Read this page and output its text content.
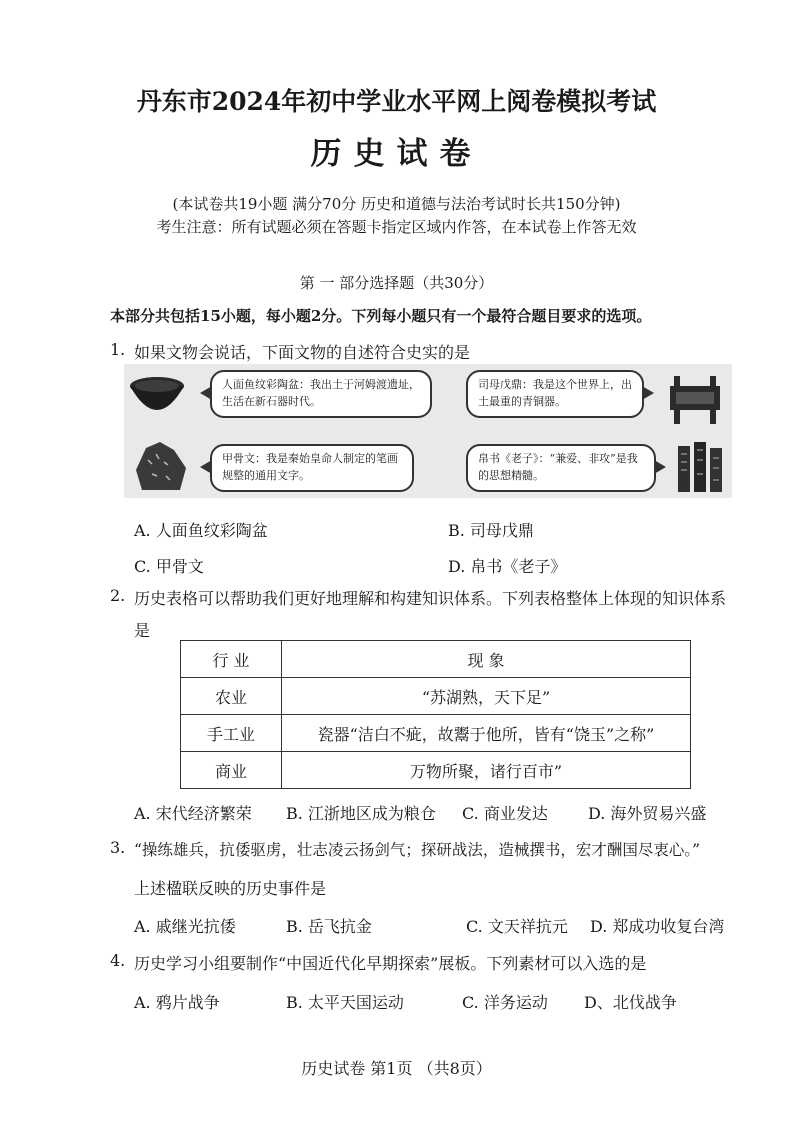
丹东市2024年初中学业水平网上阅卷模拟考试
历史试卷
(本试卷共19小题 满分70分 历史和道德与法治考试时长共150分钟)
考生注意：所有试题必须在答题卡指定区域内作答，在本试卷上作答无效
第 一 部分选择题（共30分）
本部分共包括15小题，每小题2分。下列每小题只有一个最符合题目要求的选项。
1. 如果文物会说话，下面文物的自述符合史实的是
人面鱼纹彩陶盆：我出土于河姆渡遗址，生活在新石器时代。
司母戊鼎：我是这个世界上，出土最重的青铜器。
甲骨文：我是秦始皇命人制定的笔画规整的通用文字。
帛书《老子》：“兼爱、非攻”是我的思想精髓。
A. 人面鱼纹彩陶盆	B. 司母戊鼎
C. 甲骨文	D. 帛书《老子》
2. 历史表格可以帮助我们更好地理解和构建知识体系。下列表格整体上体现的知识体系
是
行 业	现 象
农业	“苏湖熟，天下足”
手工业	瓷器“洁白不疵，故鬻于他所，皆有“饶玉”之称”
商业	万物所聚，诸行百市”
A. 宋代经济繁荣 B. 江浙地区成为粮仓 C. 商业发达	D. 海外贸易兴盛
3. “操练雄兵，抗倭驱虏，壮志凌云扬剑气；探研战法，造械撰书，宏才酬国尽衷心。”
上述楹联反映的历史事件是
A. 戚继光抗倭	B. 岳飞抗金	C. 文天祥抗元 D. 郑成功收复台湾
4. 历史学习小组要制作“中国近代化早期探索”展板。下列素材可以入选的是
A. 鸦片战争	B. 太平天国运动	C. 洋务运动 D、北伐战争
历史试卷 第1页 （共8页）
